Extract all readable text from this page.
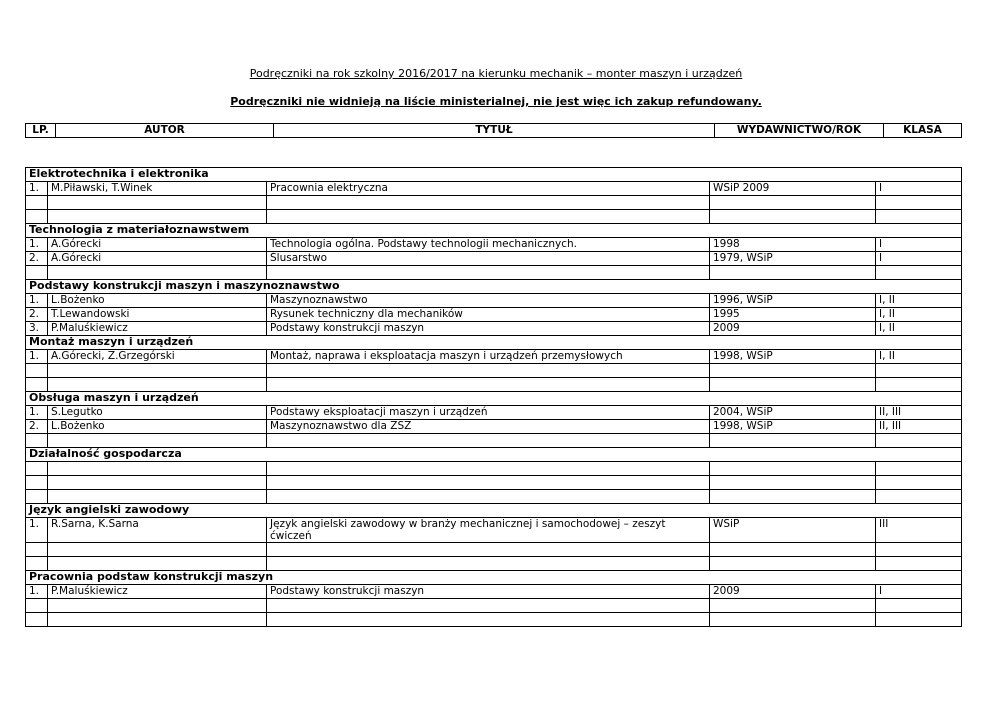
Podręczniki na rok szkolny 2016/2017 na kierunku mechanik – monter maszyn i urządzeń
Podręczniki nie widnieją na liście ministerialnej, nie jest więc ich zakup refundowany.
LP.	AUTOR	TYTUŁ	WYDAWNICTWO/ROK	KLASA
Elektrotechnika i elektronika				
1.	M.Piławski, T.Winek	Pracownia elektryczna	WSiP 2009	I

Technologia z materiałoznawstwem				
1.	A.Górecki	Technologia ogólna. Podstawy technologii mechanicznych.	1998	I
2.	A.Górecki	Ślusarstwo	1979, WSiP	I

Podstawy konstrukcji maszyn i maszynoznawstwo				
1.	L.Bożenko	Maszynoznawstwo	1996, WSiP	I, II
2.	T.Lewandowski	Rysunek techniczny dla mechaników	1995	I, II
3.	P.Maluśkiewicz	Podstawy konstrukcji maszyn	2009	I, II
Montaż maszyn i urządzeń				
1.	A.Górecki, Z.Grzegórski	Montaż, naprawa i eksploatacja maszyn i urządzeń przemysłowych	1998, WSiP	I, II

Obsługa maszyn i urządzeń				
1.	S.Legutko	Podstawy eksploatacji maszyn i urządzeń	2004, WSiP	II, III
2.	L.Bożenko	Maszynoznawstwo dla ZSZ	1998, WSiP	II, III

Działalność gospodarcza				

Język angielski zawodowy				
1.	R.Sarna, K.Sarna	Język angielski zawodowy w branży mechanicznej i samochodowej – zeszyt ćwiczeń	WSiP	III

Pracownia podstaw konstrukcji maszyn				
1.	P.Maluśkiewicz	Podstawy konstrukcji maszyn	2009	I
